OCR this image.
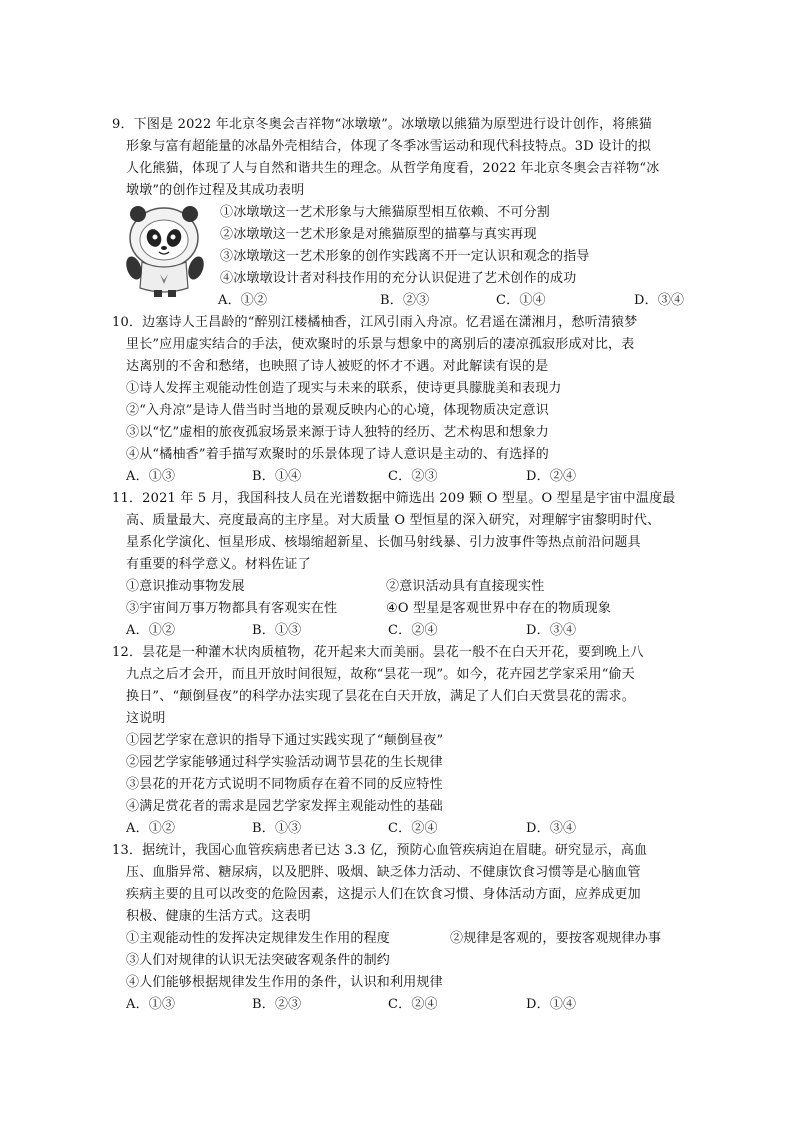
9．下图是 2022 年北京冬奥会吉祥物“冰墩墩”。冰墩墩以熊猫为原型进行设计创作，将熊猫
形象与富有超能量的冰晶外壳相结合，体现了冬季冰雪运动和现代科技特点。3D 设计的拟
人化熊猫，体现了人与自然和谐共生的理念。从哲学角度看，2022 年北京冬奥会吉祥物“冰
墩墩”的创作过程及其成功表明
①冰墩墩这一艺术形象与大熊猫原型相互依赖、不可分割
②冰墩墩这一艺术形象是对熊猫原型的描摹与真实再现
③冰墩墩这一艺术形象的创作实践离不开一定认识和观念的指导
④冰墩墩设计者对科技作用的充分认识促进了艺术创作的成功
A．①②	B．②③	C．①④	D．③④
10．边塞诗人王昌龄的“醉别江楼橘柚香，江风引雨入舟凉。忆君遥在潇湘月，愁听清猿梦
里长”应用虚实结合的手法，使欢聚时的乐景与想象中的离别后的凄凉孤寂形成对比，表
达离别的不舍和愁绪，也映照了诗人被贬的怀才不遇。对此解读有误的是
①诗人发挥主观能动性创造了现实与未来的联系，使诗更具朦胧美和表现力
②“入舟凉”是诗人借当时当地的景观反映内心的心境，体现物质决定意识
③以“忆”虚相的旅夜孤寂场景来源于诗人独特的经历、艺术构思和想象力
④从“橘柚香”着手描写欢聚时的乐景体现了诗人意识是主动的、有选择的
A．①③	B．①④	C．②③	D．②④
11．2021 年 5 月，我国科技人员在光谱数据中筛选出 209 颗 O 型星。O 型星是宇宙中温度最
高、质量最大、亮度最高的主序星。对大质量 O 型恒星的深入研究，对理解宇宙黎明时代、
星系化学演化、恒星形成、核塌缩超新星、长伽马射线暴、引力波事件等热点前沿问题具
有重要的科学意义。材料佐证了
①意识推动事物发展	②意识活动具有直接现实性
③宇宙间万事万物都具有客观实在性	④O 型星是客观世界中存在的物质现象
A．①②	B．①③	C．②④	D．③④
12．昙花是一种灌木状肉质植物，花开起来大而美丽。昙花一般不在白天开花，要到晚上八
九点之后才会开，而且开放时间很短，故称“昙花一现”。如今，花卉园艺学家采用“偷天
换日”、“颠倒昼夜”的科学办法实现了昙花在白天开放，满足了人们白天赏昙花的需求。
这说明
①园艺学家在意识的指导下通过实践实现了“颠倒昼夜”
②园艺学家能够通过科学实验活动调节昙花的生长规律
③昙花的开花方式说明不同物质存在着不同的反应特性
④满足赏花者的需求是园艺学家发挥主观能动性的基础
A．①②	B．①③	C．②④	D．③④
13．据统计，我国心血管疾病患者已达 3.3 亿，预防心血管疾病迫在眉睫。研究显示，高血
压、血脂异常、糖尿病，以及肥胖、吸烟、缺乏体力活动、不健康饮食习惯等是心脑血管
疾病主要的且可以改变的危险因素，这提示人们在饮食习惯、身体活动方面，应养成更加
积极、健康的生活方式。这表明
①主观能动性的发挥决定规律发生作用的程度	②规律是客观的，要按客观规律办事
③人们对规律的认识无法突破客观条件的制约
④人们能够根据规律发生作用的条件，认识和利用规律
A．①③	B．②③	C．②④	D．①④
